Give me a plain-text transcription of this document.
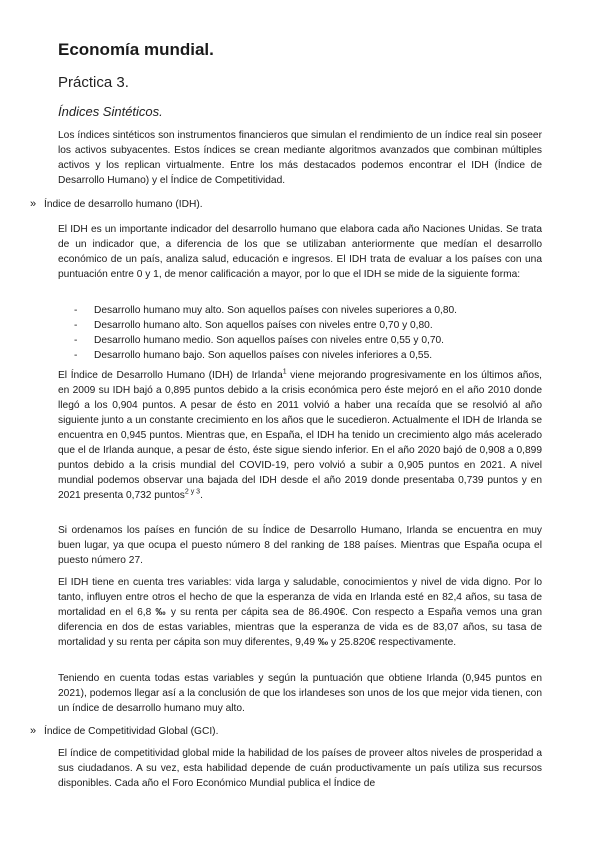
Economía mundial.
Práctica 3.
Índices Sintéticos.

Los índices sintéticos son instrumentos financieros que simulan el rendimiento de un índice real sin poseer los activos subyacentes. Estos índices se crean mediante algoritmos avanzados que combinan múltiples activos y los replican virtualmente. Entre los más destacados podemos encontrar el IDH (Índice de Desarrollo Humano) y el Índice de Competitividad.

» Índice de desarrollo humano (IDH).

El IDH es un importante indicador del desarrollo humano que elabora cada año Naciones Unidas. Se trata de un indicador que, a diferencia de los que se utilizaban anteriormente que medían el desarrollo económico de un país, analiza salud, educación e ingresos. El IDH trata de evaluar a los países con una puntuación entre 0 y 1, de menor calificación a mayor, por lo que el IDH se mide de la siguiente forma:

-	Desarrollo humano muy alto. Son aquellos países con niveles superiores a 0,80.
-	Desarrollo humano alto. Son aquellos países con niveles entre 0,70 y 0,80.
-	Desarrollo humano medio. Son aquellos países con niveles entre 0,55 y 0,70.
-	Desarrollo humano bajo. Son aquellos países con niveles inferiores a 0,55.

El Índice de Desarrollo Humano (IDH) de Irlanda$^1$ viene mejorando progresivamente en los últimos años, en 2009 su IDH bajó a 0,895 puntos debido a la crisis económica pero éste mejoró en el año 2010 donde llegó a los 0,904 puntos. A pesar de ésto en 2011 volvió a haber una recaída que se resolvió al año siguiente junto a un constante crecimiento en los años que le sucedieron. Actualmente el IDH de Irlanda se encuentra en 0,945 puntos. Mientras que, en España, el IDH ha tenido un crecimiento algo más acelerado que el de Irlanda aunque, a pesar de ésto, éste sigue siendo inferior. En el año 2020 bajó de 0,908 a 0,899 puntos debido a la crisis mundial del COVID-19, pero volvió a subir a 0,905 puntos en 2021. A nivel mundial podemos observar una bajada del IDH desde el año 2019 donde presentaba 0,739 puntos y en 2021 presenta 0,732 puntos$^{2 y 3}$.

Si ordenamos los países en función de su Índice de Desarrollo Humano, Irlanda se encuentra en muy buen lugar, ya que ocupa el puesto número 8 del ranking de 188 países. Mientras que España ocupa el puesto número 27.

El IDH tiene en cuenta tres variables: vida larga y saludable, conocimientos y nivel de vida digno. Por lo tanto, influyen entre otros el hecho de que la esperanza de vida en Irlanda esté en 82,4 años, su tasa de mortalidad en el 6,8 ‰ y su renta per cápita sea de 86.490€. Con respecto a España vemos una gran diferencia en dos de estas variables, mientras que la esperanza de vida es de 83,07 años, su tasa de mortalidad y su renta per cápita son muy diferentes, 9,49 ‰ y 25.820€ respectivamente.

Teniendo en cuenta todas estas variables y según la puntuación que obtiene Irlanda (0,945 puntos en 2021), podemos llegar así a la conclusión de que los irlandeses son unos de los que mejor vida tienen, con un índice de desarrollo humano muy alto.

» Índice de Competitividad Global (GCI).

El índice de competitividad global mide la habilidad de los países de proveer altos niveles de prosperidad a sus ciudadanos. A su vez, esta habilidad depende de cuán productivamente un país utiliza sus recursos disponibles. Cada año el Foro Económico Mundial publica el Índice de
